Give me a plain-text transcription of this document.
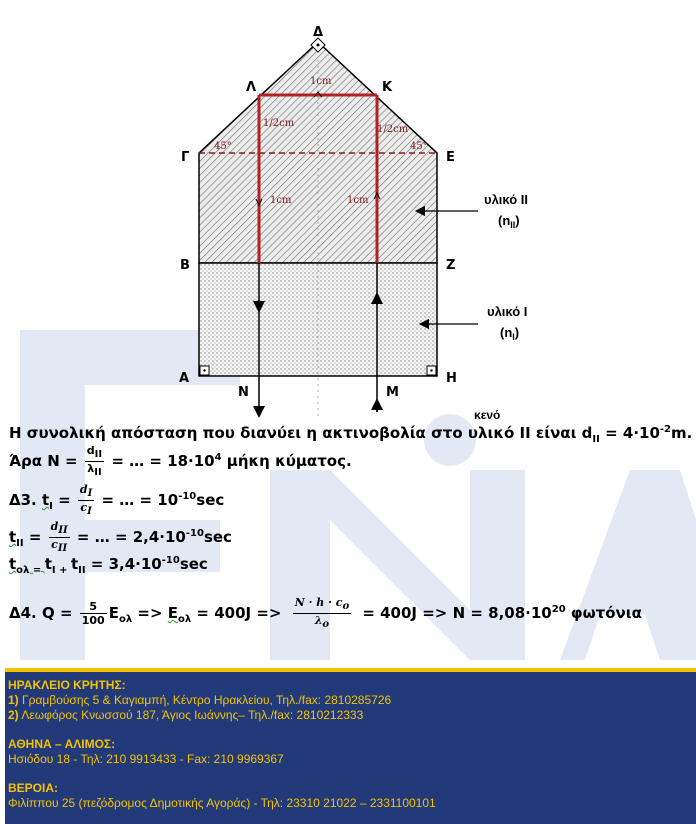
Δ
Λ	Κ
Γ	Ε
Β	Ζ
Α	Η
Ν	Μ
1cm
1/2cm
1/2cm
1cm	1cm
45°	45°
υλικό ΙΙ
$(n_{II})$
υλικό Ι
$(n_I)$
κενό
Η συνολική απόσταση που διανύει η ακτινοβολία στο υλικό ΙΙ είναι $d_{II} = 4\cdot 10^{-2}m$.
Άρα $N = \frac{d_{II}}{\lambda_{II}}$ = … = $18\cdot 10^4$ μήκη κύματος.
Δ3. $t_I = \frac{d_I}{c_I}$ = … = $10^{-10}\sec$
$t_{II} = \frac{d_{II}}{c_{II}}$ = … = $2,4\cdot 10^{-10}\sec$
$t_{o\lambda =}$ $t_{I +}$ $t_{II} = 3,4\cdot 10^{-10}\sec$
Δ4. $Q = \frac{5}{100} E_{o\lambda} => E_{o\lambda} = 400J => \frac{N \cdot h \cdot c_o}{\lambda_o} = 400J => N = 8,08\cdot 10^{20}$ φωτόνια
ΗΡΑΚΛΕΙΟ ΚΡΗΤΗΣ:
1) Γραμβούσης 5 & Καγιαμπή, Κέντρο Ηρακλείου, Τηλ./fax: 2810285726
2) Λεωφόρος Κνωσσού 187, Άγιος Ιωάννης– Τηλ./fax: 2810212333
ΑΘΗΝΑ – ΑΛΙΜΟΣ:
Ησιόδου 18 - Τηλ: 210 9913433 - Fax: 210 9969367
ΒΕΡΟΙΑ:
Φιλίππου 25 (πεζόδρομος Δημοτικής Αγοράς) - Τηλ: 23310 21022 – 2331100101
